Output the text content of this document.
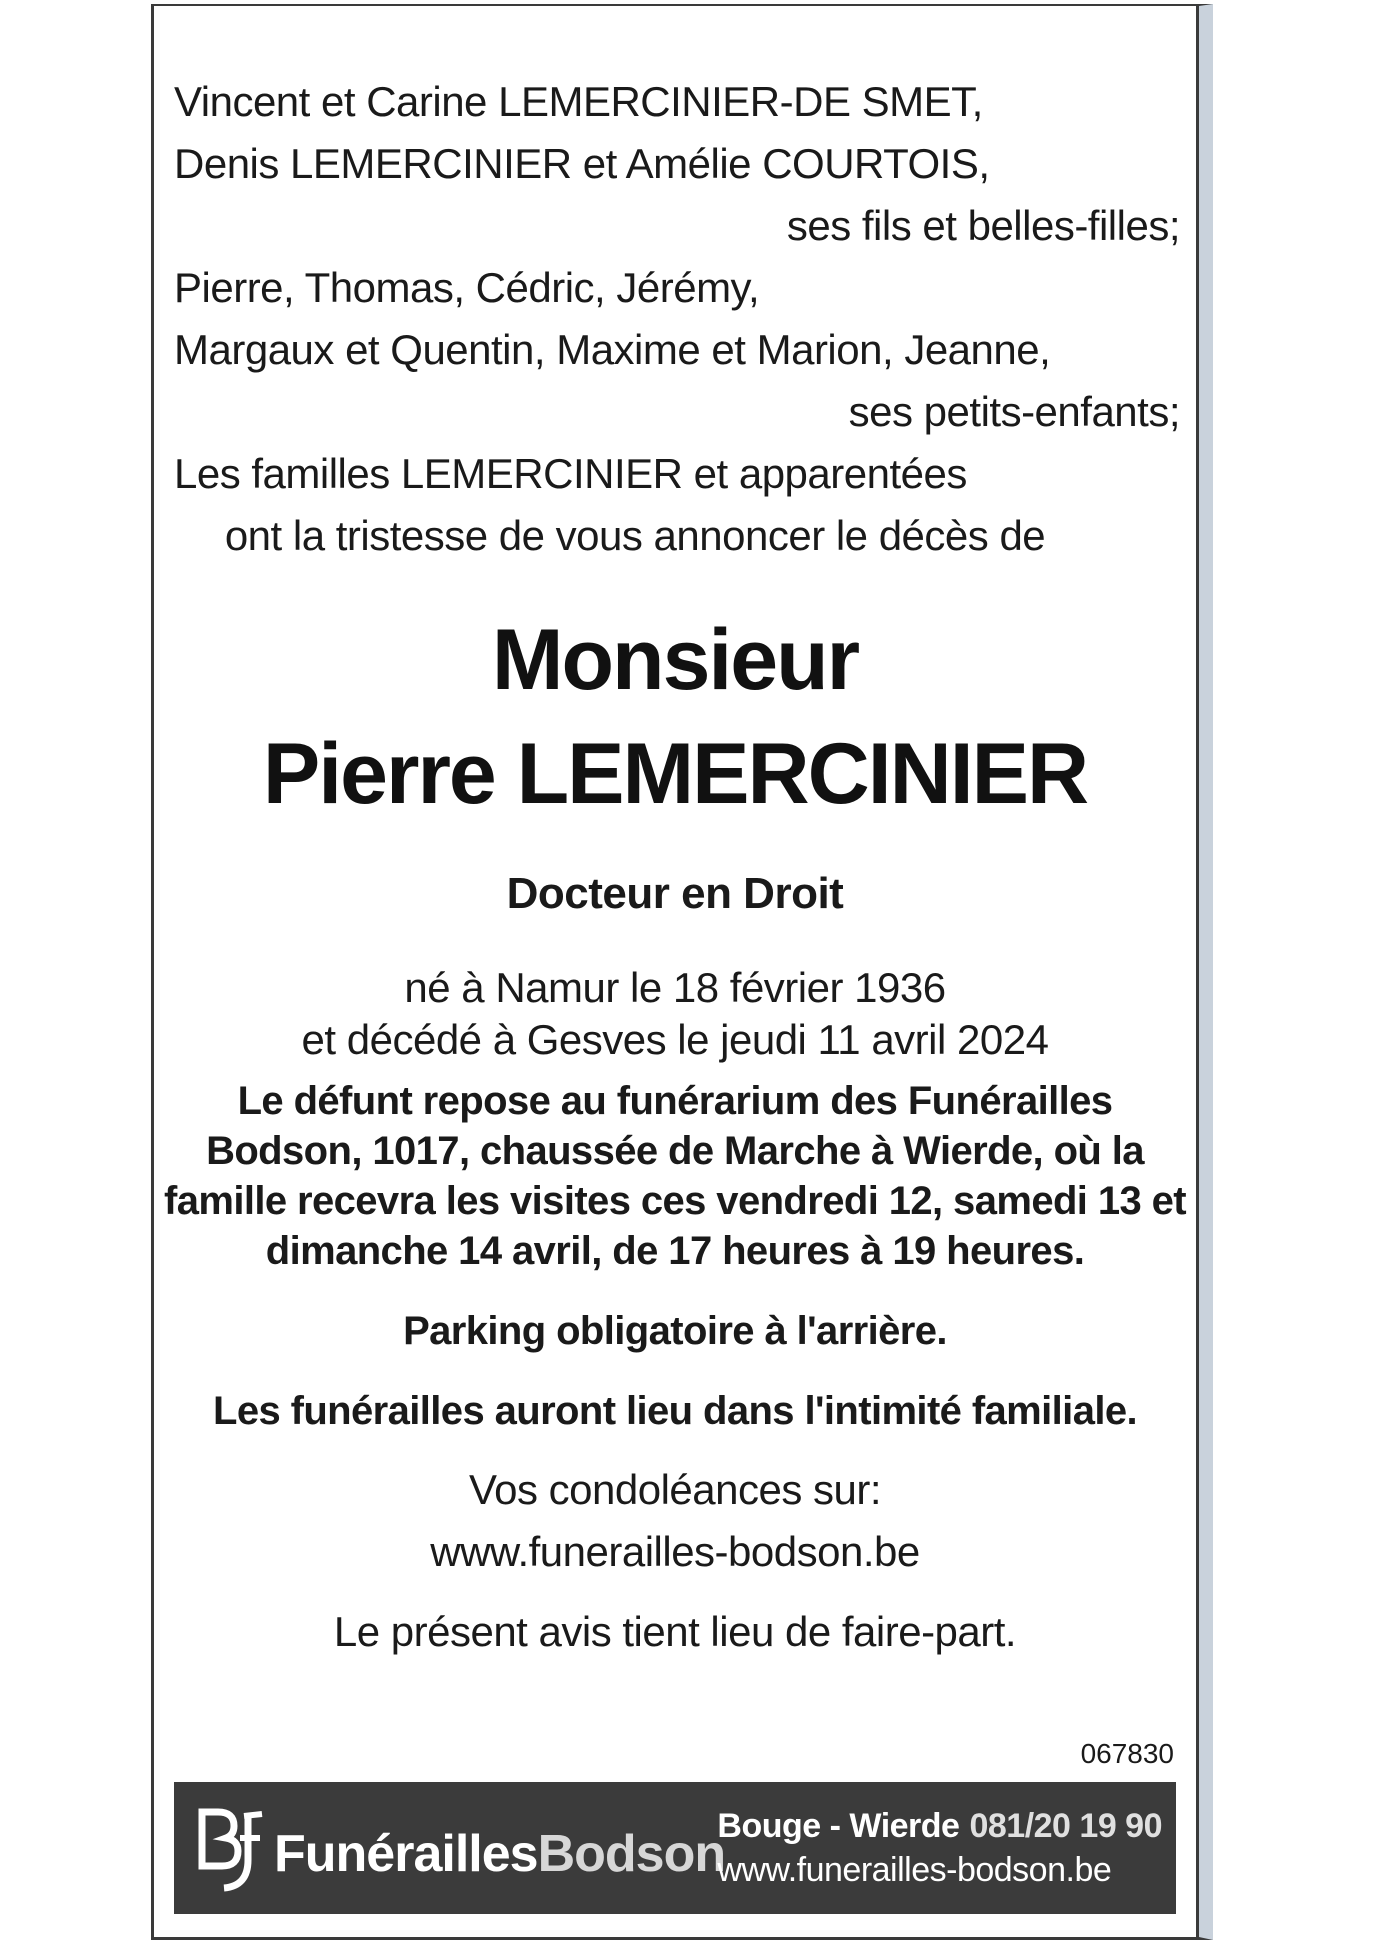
Vincent et Carine LEMERCINIER-DE SMET,
Denis LEMERCINIER et Amélie COURTOIS,
ses fils et belles-filles;
Pierre, Thomas, Cédric, Jérémy,
Margaux et Quentin, Maxime et Marion, Jeanne,
ses petits-enfants;
Les familles LEMERCINIER et apparentées
ont la tristesse de vous annoncer le décès de
Monsieur
Pierre LEMERCINIER
Docteur en Droit
né à Namur le 18 février 1936
et décédé à Gesves le jeudi 11 avril 2024
Le défunt repose au funérarium des Funérailles
Bodson, 1017, chaussée de Marche à Wierde, où la
famille recevra les visites ces vendredi 12, samedi 13 et
dimanche 14 avril, de 17 heures à 19 heures.
Parking obligatoire à l'arrière.
Les funérailles auront lieu dans l'intimité familiale.
Vos condoléances sur:
www.funerailles-bodson.be
Le présent avis tient lieu de faire-part.
067830
FunéraillesBodson
Bouge - Wierde 081/20 19 90
www.funerailles-bodson.be
